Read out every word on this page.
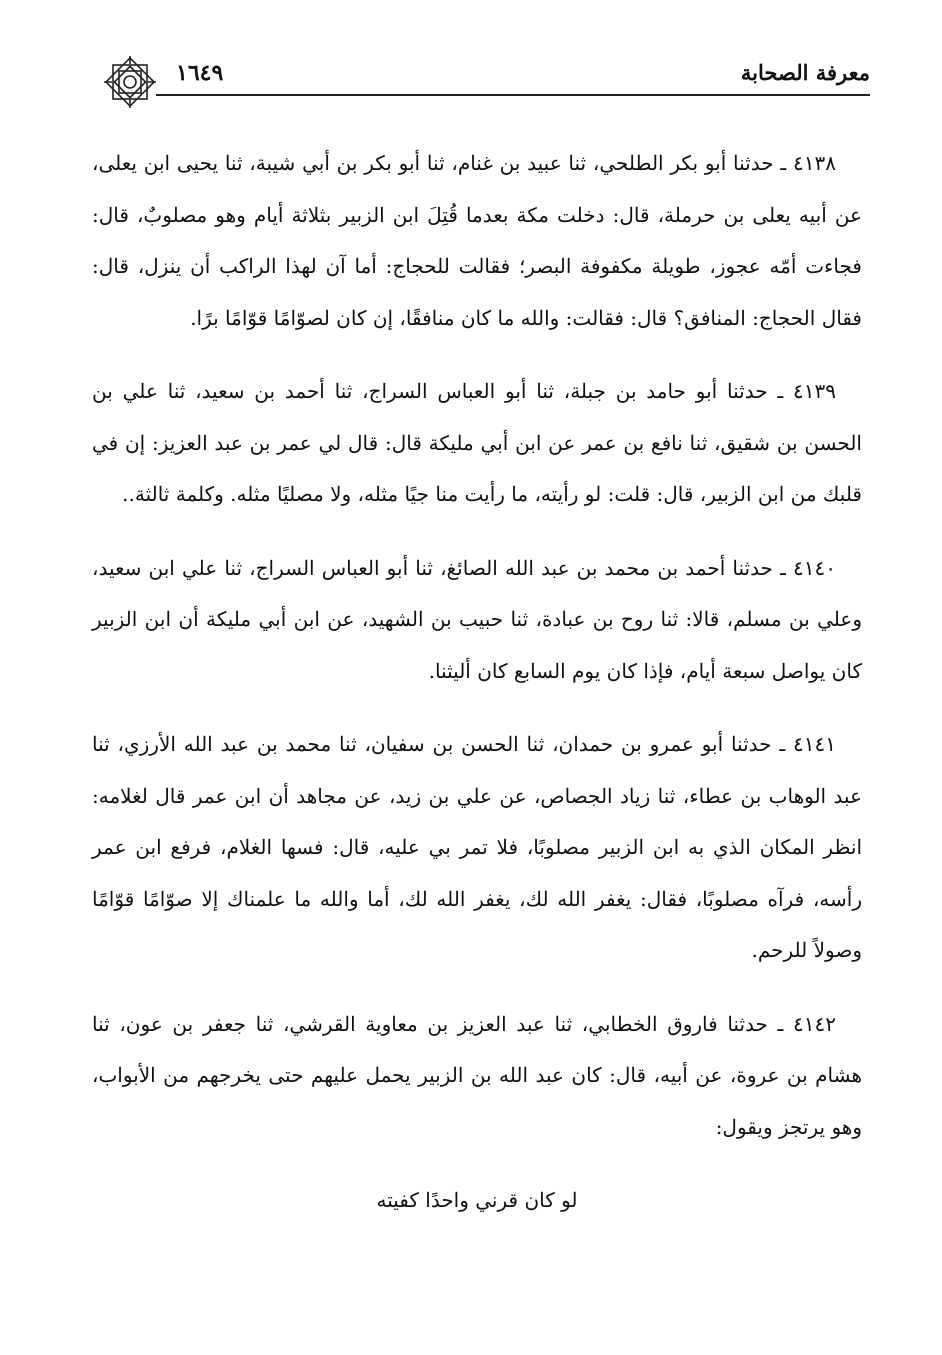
معرفة الصحابة
١٦٤٩

٤١٣٨ ـ حدثنا أبو بكر الطلحي، ثنا عبيد بن غنام، ثنا أبو بكر بن أبي شيبة، ثنا يحيى ابن يعلى، عن أبيه يعلى بن حرملة، قال: دخلت مكة بعدما قُتِلَ ابن الزبير بثلاثة أيام وهو مصلوبٌ، قال: فجاءت أمّه عجوز، طويلة مكفوفة البصر؛ فقالت للحجاج: أما آن لهذا الراكب أن ينزل، قال: فقال الحجاج: المنافق؟ قال: فقالت: والله ما كان منافقًا، إن كان لصوّامًا قوّامًا برًا.

٤١٣٩ ـ حدثنا أبو حامد بن جبلة، ثنا أبو العباس السراج، ثنا أحمد بن سعيد، ثنا علي بن الحسن بن شقيق، ثنا نافع بن عمر عن ابن أبي مليكة قال: قال لي عمر بن عبد العزيز: إن في قلبك من ابن الزبير، قال: قلت: لو رأيته، ما رأيت منا جيًا مثله، ولا مصليًا مثله. وكلمة ثالثة..

٤١٤٠ ـ حدثنا أحمد بن محمد بن عبد الله الصائغ، ثنا أبو العباس السراج، ثنا علي ابن سعيد، وعلي بن مسلم، قالا: ثنا روح بن عبادة، ثنا حبيب بن الشهيد، عن ابن أبي مليكة أن ابن الزبير كان يواصل سبعة أيام، فإذا كان يوم السابع كان أليثنا.

٤١٤١ ـ حدثنا أبو عمرو بن حمدان، ثنا الحسن بن سفيان، ثنا محمد بن عبد الله الأرزي، ثنا عبد الوهاب بن عطاء، ثنا زياد الجصاص، عن علي بن زيد، عن مجاهد أن ابن عمر قال لغلامه: انظر المكان الذي به ابن الزبير مصلوبًا، فلا تمر بي عليه، قال: فسها الغلام، فرفع ابن عمر رأسه، فرآه مصلوبًا، فقال: يغفر الله لك، يغفر الله لك، أما والله ما علمناك إلا صوّامًا قوّامًا وصولاً للرحم.

٤١٤٢ ـ حدثنا فاروق الخطابي، ثنا عبد العزيز بن معاوية القرشي، ثنا جعفر بن عون، ثنا هشام بن عروة، عن أبيه، قال: كان عبد الله بن الزبير يحمل عليهم حتى يخرجهم من الأبواب، وهو يرتجز ويقول:

لو كان قرني واحدًا كفيته
